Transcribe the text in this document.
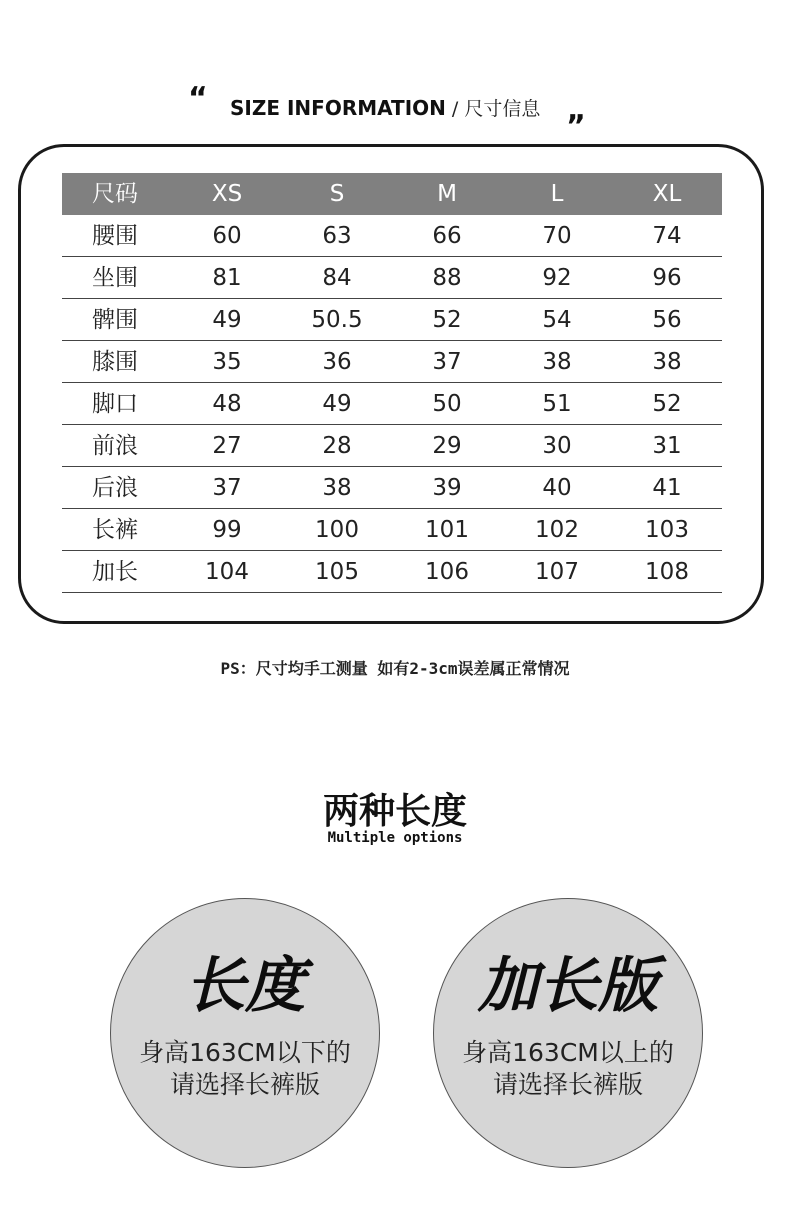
“ SIZE INFORMATION / 尺寸信息 ”
尺码	XS	S	M	L	XL
腰围	60	63	66	70	74
坐围	81	84	88	92	96
髀围	49	50.5	52	54	56
膝围	35	36	37	38	38
脚口	48	49	50	51	52
前浪	27	28	29	30	31
后浪	37	38	39	40	41
长裤	99	100	101	102	103
加长	104	105	106	107	108
PS：尺寸均手工测量 如有2-3cm误差属正常情况
两种长度
Multiple options
长度
身高163CM以下的
请选择长裤版
加长版
身高163CM以上的
请选择长裤版
